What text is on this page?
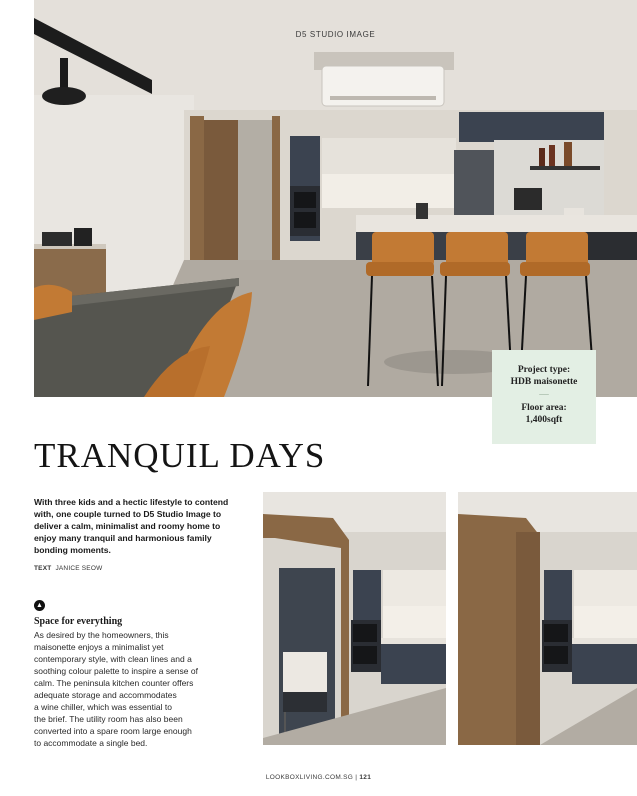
D5 STUDIO IMAGE
Project type:
HDB maisonette
—
Floor area:
1,400sqft
TRANQUIL DAYS

With three kids and a hectic lifestyle to contend with, one couple turned to D5 Studio Image to deliver a calm, minimalist and roomy home to enjoy many tranquil and harmonious family bonding moments.

TEXT JANICE SEOW
▲
Space for everything
As desired by the homeowners, this
maisonette enjoys a minimalist yet
contemporary style, with clean lines and a
soothing colour palette to inspire a sense of
calm. The peninsula kitchen counter offers
adequate storage and accommodates
a wine chiller, which was essential to
the brief. The utility room has also been
converted into a spare room large enough
to accommodate a single bed.
LOOKBOXLIVING.COM.SG | 121
